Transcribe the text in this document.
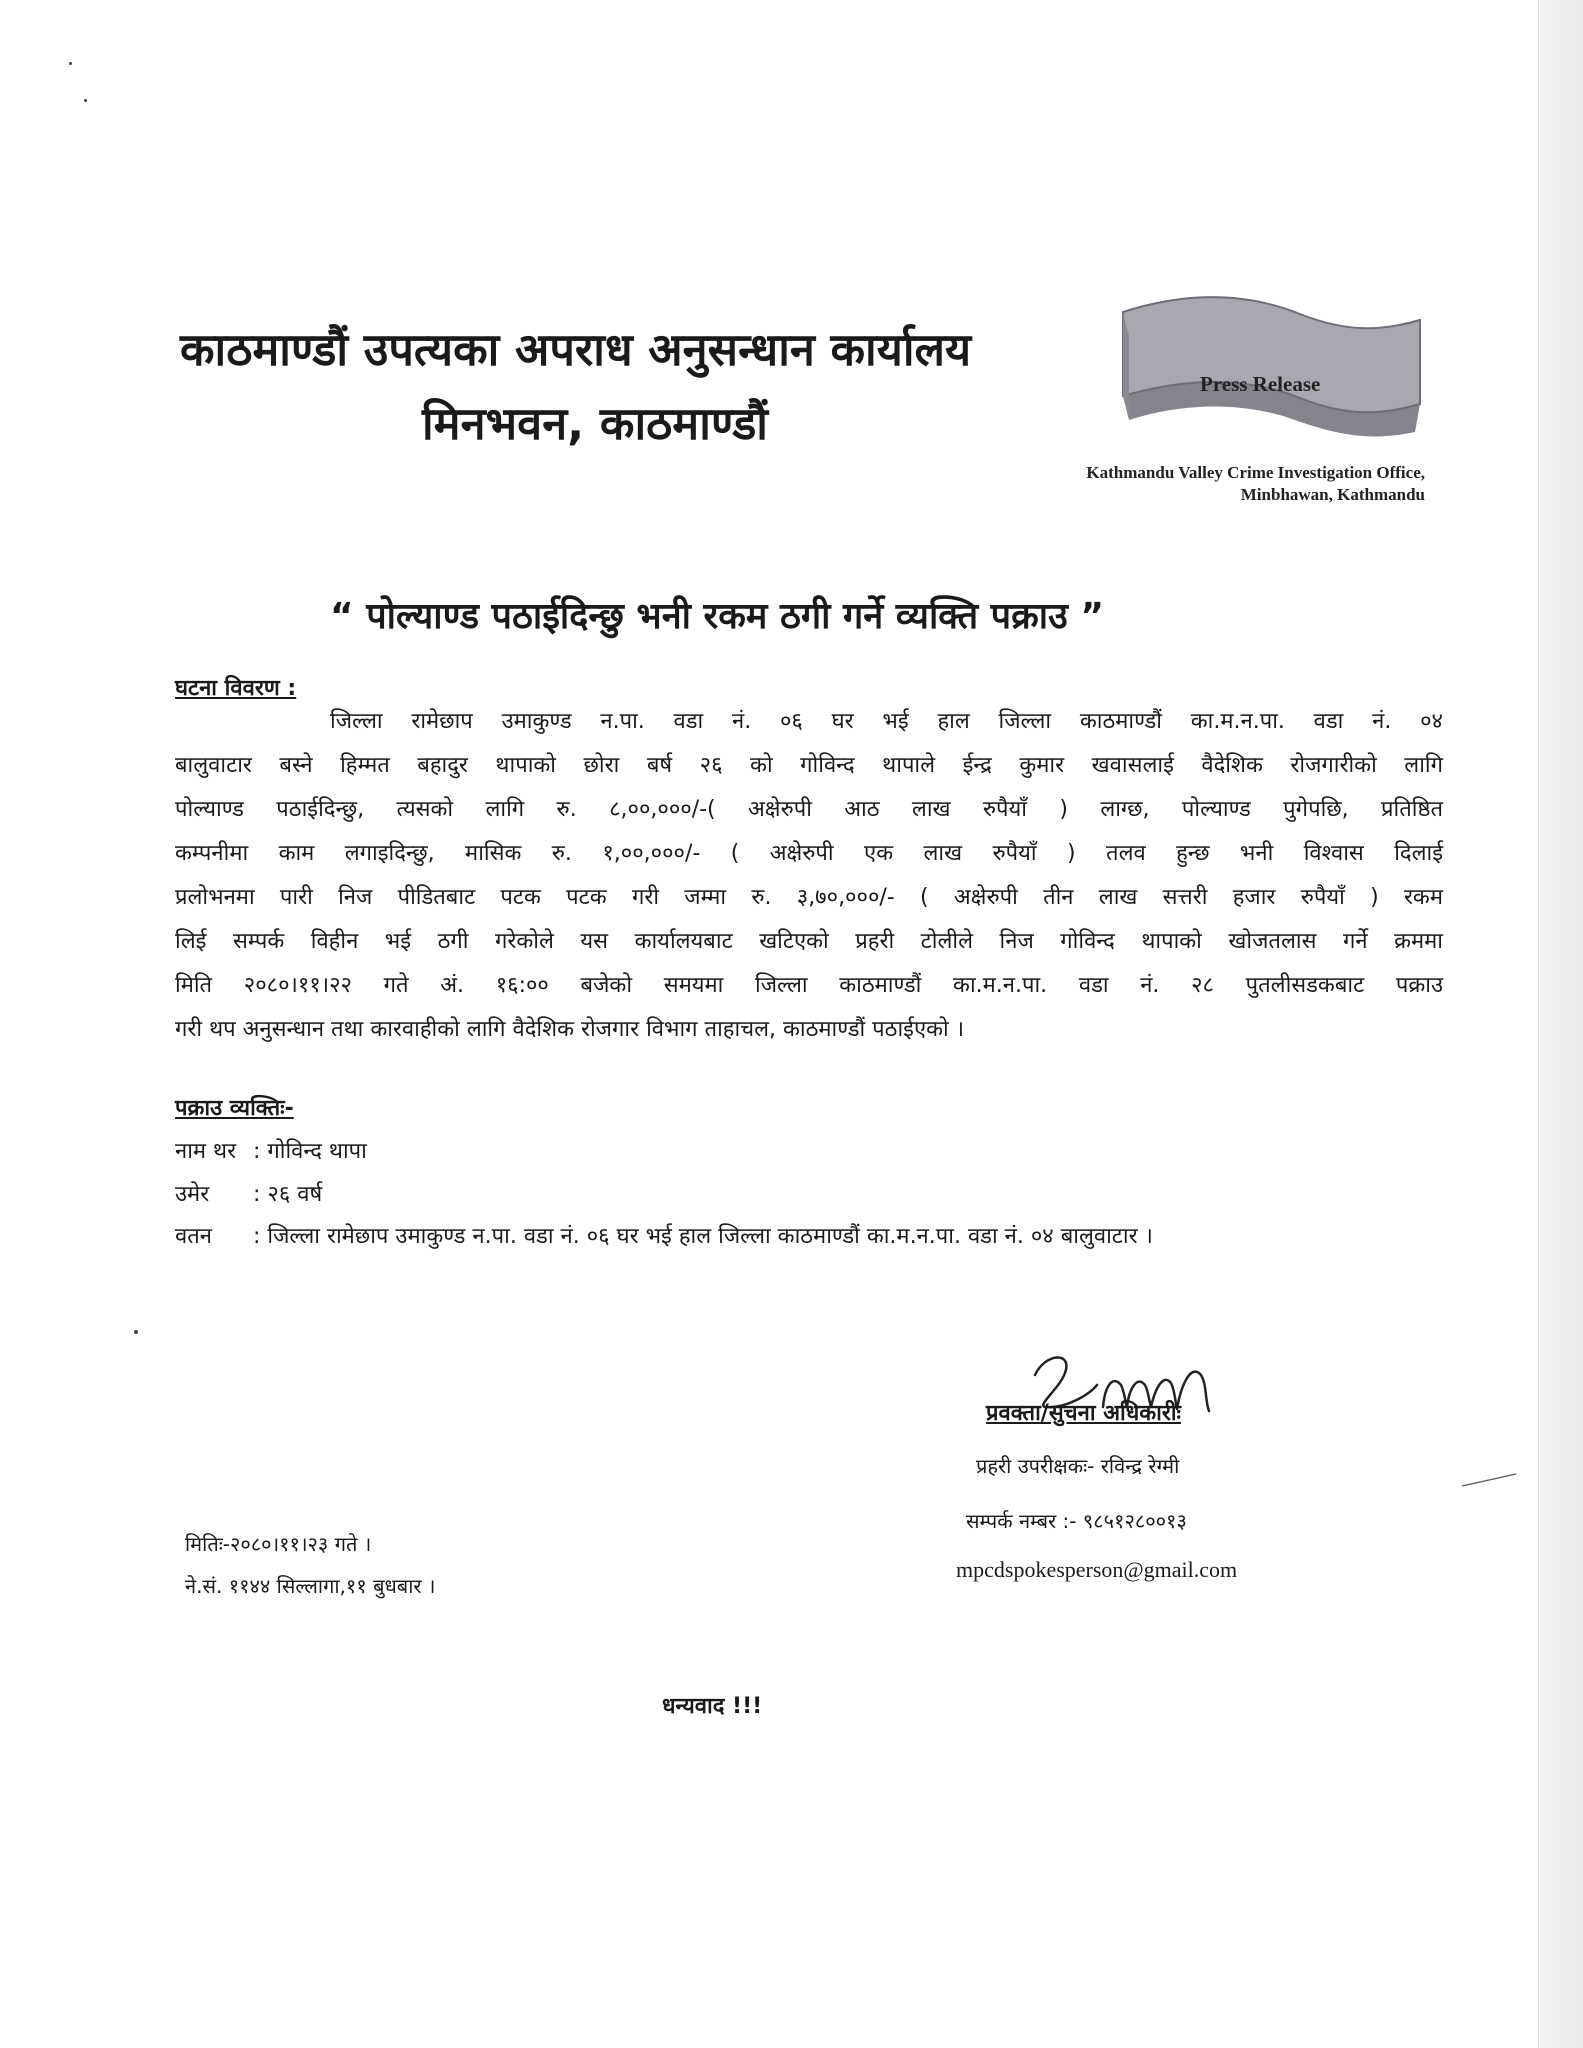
काठमाण्डौं उपत्यका अपराध अनुसन्धान कार्यालय
मिनभवन, काठमाण्डौं
Press Release
Kathmandu Valley Crime Investigation Office,
Minbhawan, Kathmandu
“ पोल्याण्ड पठाईदिन्छु भनी रकम ठगी गर्ने व्यक्ति पक्राउ ”
घटना विवरण :
जिल्ला रामेछाप उमाकुण्ड न.पा. वडा नं. ०६ घर भई हाल जिल्ला काठमाण्डौं का.म.न.पा. वडा नं. ०४
बालुवाटार बस्ने हिम्मत बहादुर थापाको छोरा बर्ष २६ को गोविन्द थापाले ईन्द्र कुमार खवासलाई वैदेशिक रोजगारीको लागि
पोल्याण्ड पठाईदिन्छु, त्यसको लागि रु. ८,००,०००/-( अक्षेरुपी आठ लाख रुपैयाँ ) लाग्छ, पोल्याण्ड पुगेपछि, प्रतिष्ठित
कम्पनीमा काम लगाइदिन्छु, मासिक रु. १,००,०००/- ( अक्षेरुपी एक लाख रुपैयाँ ) तलव हुन्छ भनी विश्वास दिलाई
प्रलोभनमा पारी निज पीडितबाट पटक पटक गरी जम्मा रु. ३,७०,०००/- ( अक्षेरुपी तीन लाख सत्तरी हजार रुपैयाँ ) रकम
लिई सम्पर्क विहीन भई ठगी गरेकोले यस कार्यालयबाट खटिएको प्रहरी टोलीले निज गोविन्द थापाको खोजतलास गर्ने क्रममा
मिति २०८०।११।२२ गते अं. १६:०० बजेको समयमा जिल्ला काठमाण्डौं का.म.न.पा. वडा नं. २८ पुतलीसडकबाट पक्राउ
गरी थप अनुसन्धान तथा कारवाहीको लागि वैदेशिक रोजगार विभाग ताहाचल, काठमाण्डौं पठाईएको ।
पक्राउ व्यक्तिः-

नाम थर : गोविन्द थापा

उमेर : २६ वर्ष

वतन : जिल्ला रामेछाप उमाकुण्ड न.पा. वडा नं. ०६ घर भई हाल जिल्ला काठमाण्डौं का.म.न.पा. वडा नं. ०४ बालुवाटार ।

प्रवक्ता/सुचना अधिकारीः
प्रहरी उपरीक्षकः- रविन्द्र रेग्मी
सम्पर्क नम्बर :- ९८५१२८००१३
mpcdspokesperson@gmail.com
मितिः-२०८०।११।२३ गते ।
ने.सं. ११४४ सिल्लागा,११ बुधबार ।
धन्यवाद !!!
